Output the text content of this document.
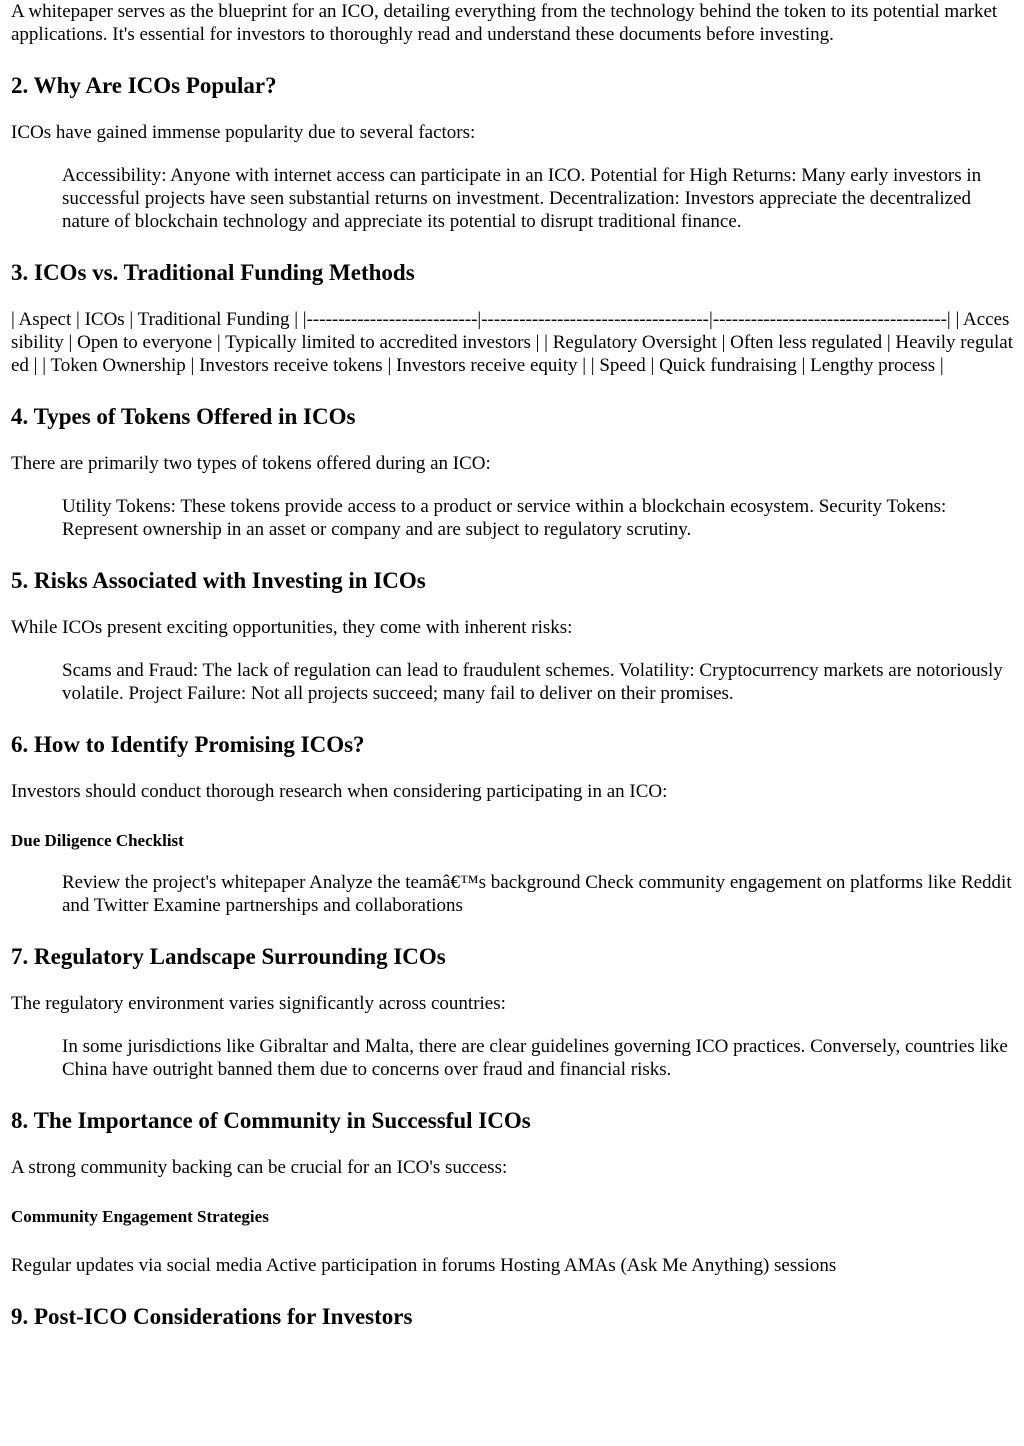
A whitepaper serves as the blueprint for an ICO, detailing everything from the technology behind the token to its potential market applications. It's essential for investors to thoroughly read and understand these documents before investing.

2. Why Are ICOs Popular?

ICOs have gained immense popularity due to several factors:

Accessibility: Anyone with internet access can participate in an ICO. Potential for High Returns: Many early investors in successful projects have seen substantial returns on investment. Decentralization: Investors appreciate the decentralized nature of blockchain technology and appreciate its potential to disrupt traditional finance.
3. ICOs vs. Traditional Funding Methods

| Aspect | ICOs | Traditional Funding | |---------------------------|------------------------------------|-------------------------------------| | Accessibility | Open to everyone | Typically limited to accredited investors | | Regulatory Oversight | Often less regulated | Heavily regulated | | Token Ownership | Investors receive tokens | Investors receive equity | | Speed | Quick fundraising | Lengthy process |

4. Types of Tokens Offered in ICOs

There are primarily two types of tokens offered during an ICO:

Utility Tokens: These tokens provide access to a product or service within a blockchain ecosystem. Security Tokens: Represent ownership in an asset or company and are subject to regulatory scrutiny.
5. Risks Associated with Investing in ICOs

While ICOs present exciting opportunities, they come with inherent risks:

Scams and Fraud: The lack of regulation can lead to fraudulent schemes. Volatility: Cryptocurrency markets are notoriously volatile. Project Failure: Not all projects succeed; many fail to deliver on their promises.
6. How to Identify Promising ICOs?

Investors should conduct thorough research when considering participating in an ICO:

Due Diligence Checklist
Review the project's whitepaper Analyze the teamâ€™s background Check community engagement on platforms like Reddit and Twitter Examine partnerships and collaborations
7. Regulatory Landscape Surrounding ICOs

The regulatory environment varies significantly across countries:

In some jurisdictions like Gibraltar and Malta, there are clear guidelines governing ICO practices. Conversely, countries like China have outright banned them due to concerns over fraud and financial risks.
8. The Importance of Community in Successful ICOs

A strong community backing can be crucial for an ICO's success:

Community Engagement Strategies

Regular updates via social media Active participation in forums Hosting AMAs (Ask Me Anything) sessions

9. Post-ICO Considerations for Investors
